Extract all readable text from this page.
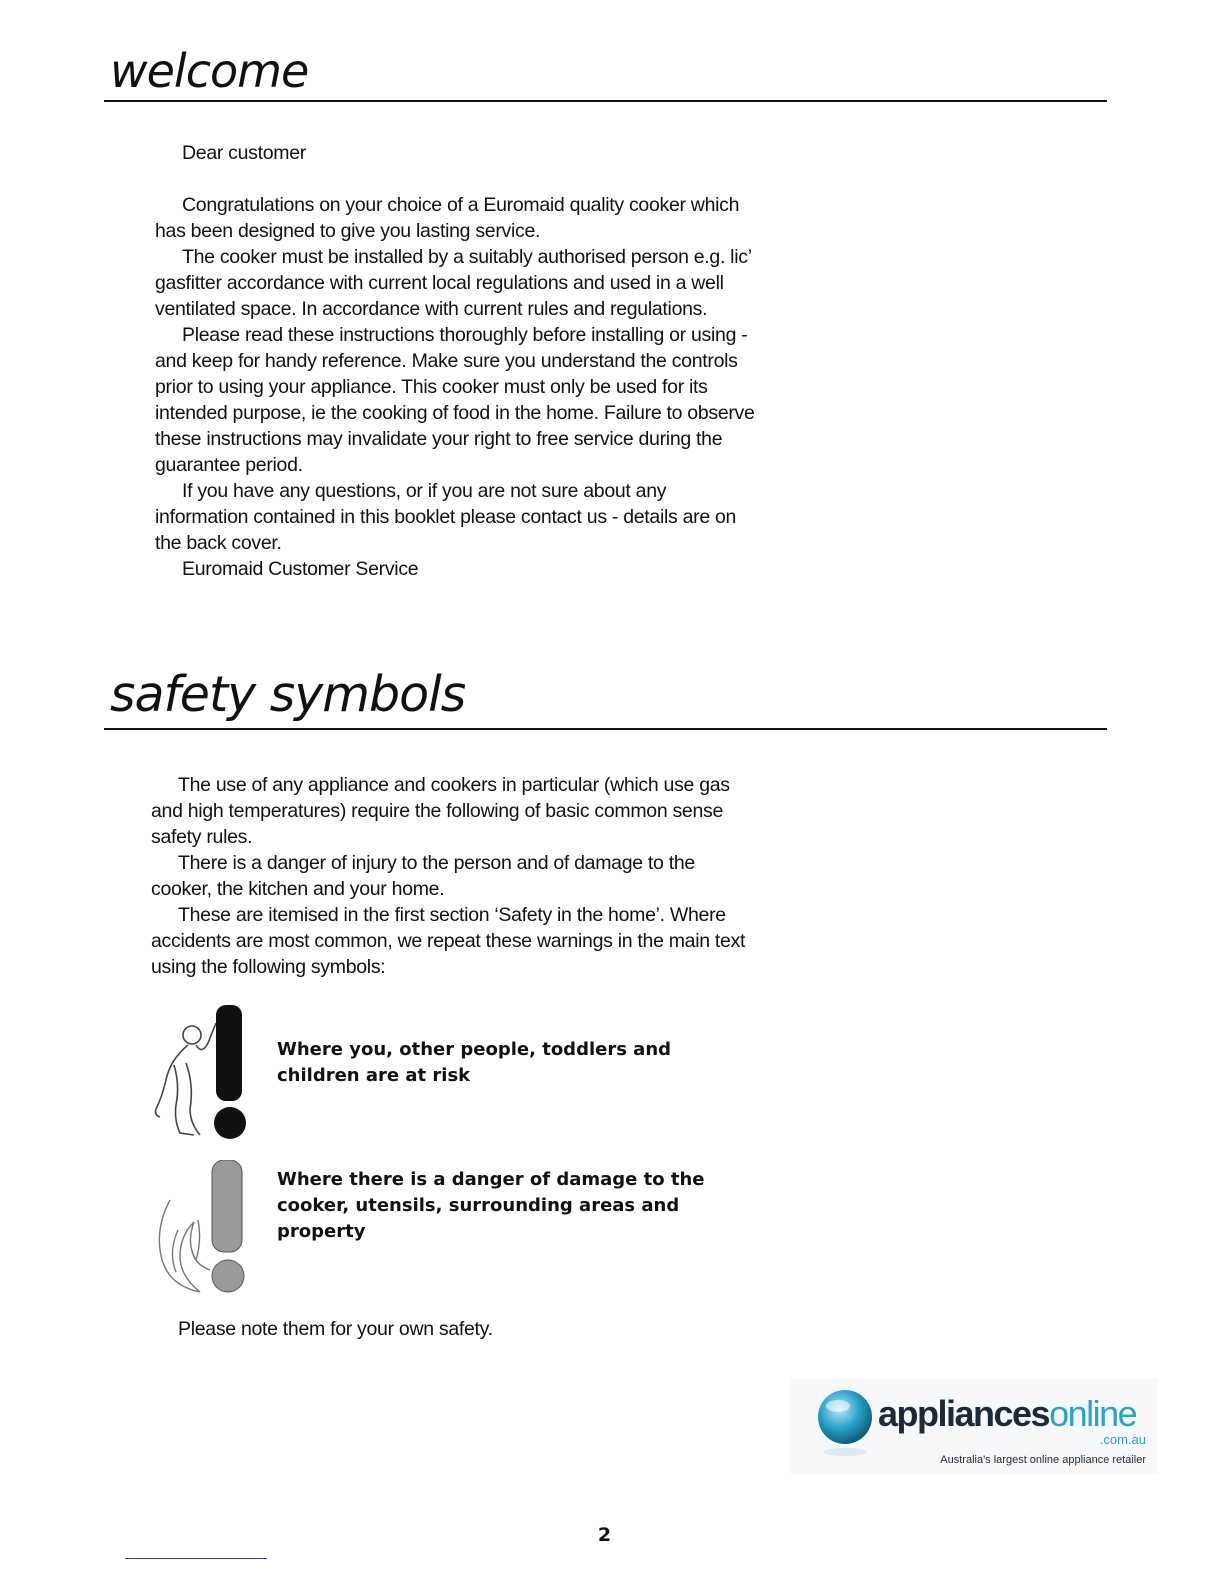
welcome

Dear customer

Congratulations on your choice of a Euromaid quality cooker which has been designed to give you lasting service.

The cooker must be installed by a suitably authorised person e.g. lic’ gasfitter accordance with current local regulations and used in a well ventilated space. In accordance with current rules and regulations.

Please read these instructions thoroughly before installing or using - and keep for handy reference. Make sure you understand the controls prior to using your appliance. This cooker must only be used for its intended purpose, ie the cooking of food in the home. Failure to observe these instructions may invalidate your right to free service during the guarantee period.

If you have any questions, or if you are not sure about any information contained in this booklet please contact us - details are on the back cover.

Euromaid Customer Service

safety symbols

The use of any appliance and cookers in particular (which use gas and high temperatures) require the following of basic common sense safety rules.

There is a danger of injury to the person and of damage to the cooker, the kitchen and your home.

These are itemised in the first section ‘Safety in the home’. Where accidents are most common, we repeat these warnings in the main text using the following symbols:

Where you, other people, toddlers and children are at risk
Where there is a danger of damage to the cooker, utensils, surrounding areas and property
Please note them for your own safety.
appliancesonline
.com.au
Australia's largest online appliance retailer
2
